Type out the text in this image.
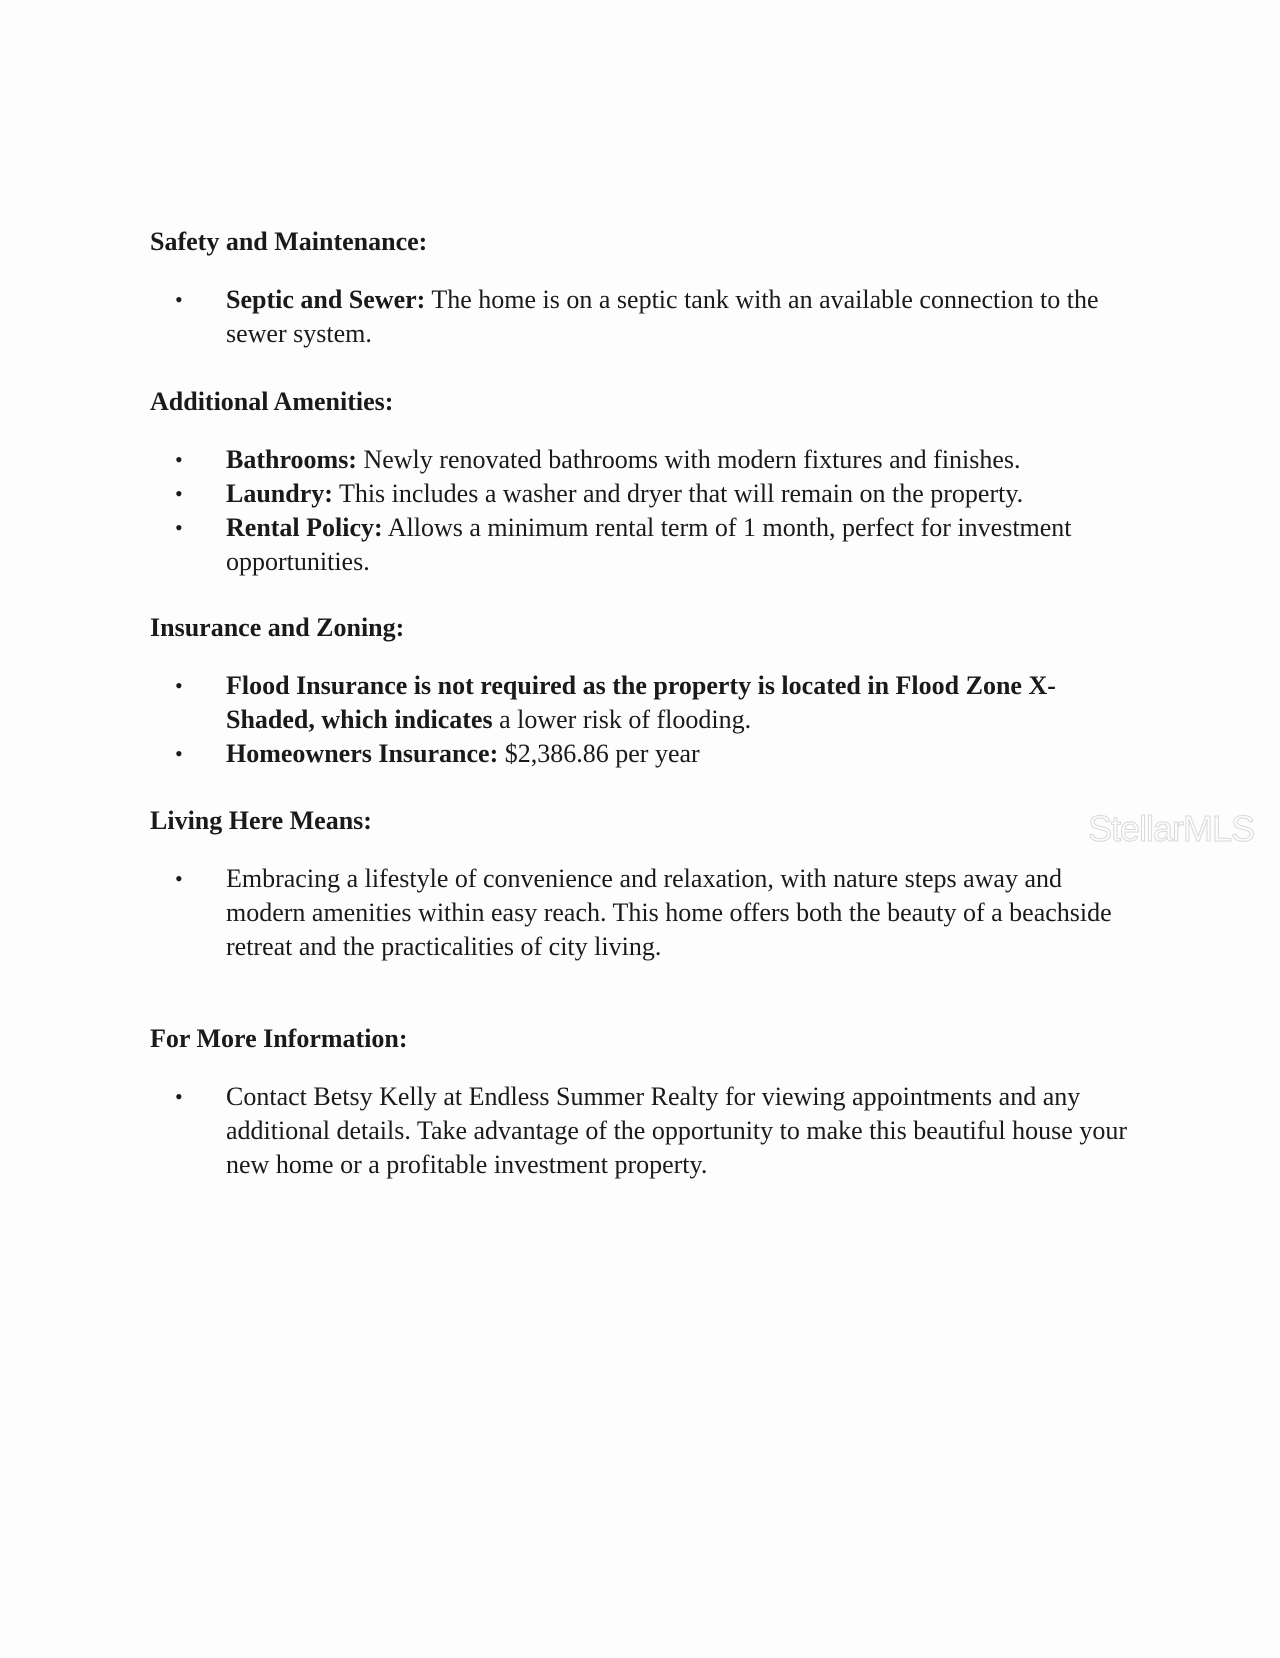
Safety and Maintenance:

• Septic and Sewer: The home is on a septic tank with an available connection to the sewer system.

Additional Amenities:

• Bathrooms: Newly renovated bathrooms with modern fixtures and finishes.
• Laundry: This includes a washer and dryer that will remain on the property.
• Rental Policy: Allows a minimum rental term of 1 month, perfect for investment opportunities.

Insurance and Zoning:

• Flood Insurance is not required as the property is located in Flood Zone X-Shaded, which indicates a lower risk of flooding.
• Homeowners Insurance: $2,386.86 per year

Living Here Means:

• Embracing a lifestyle of convenience and relaxation, with nature steps away and modern amenities within easy reach. This home offers both the beauty of a beachside retreat and the practicalities of city living.

For More Information:

• Contact Betsy Kelly at Endless Summer Realty for viewing appointments and any additional details. Take advantage of the opportunity to make this beautiful house your new home or a profitable investment property.
StellarMLS
